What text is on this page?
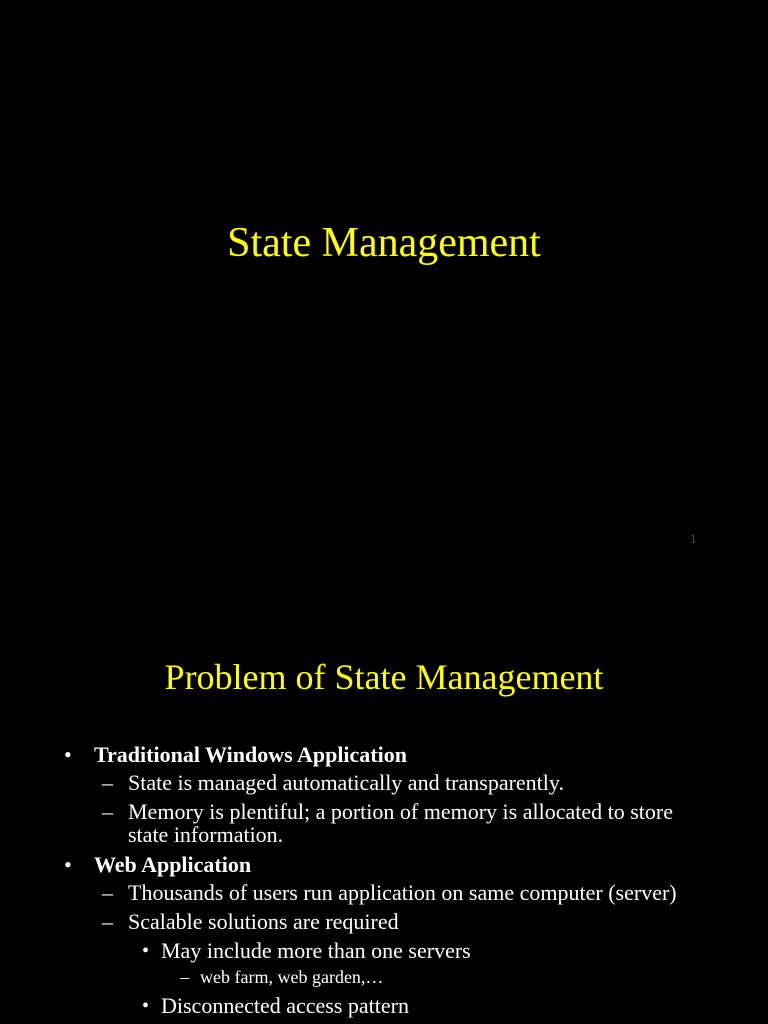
State Management
1
Problem of State Management
• Traditional Windows Application
– State is managed automatically and transparently.
– Memory is plentiful; a portion of memory is allocated to store state information.
• Web Application
– Thousands of users run application on same computer (server)
– Scalable solutions are required
• May include more than one servers
– web farm, web garden,…
• Disconnected access pattern
